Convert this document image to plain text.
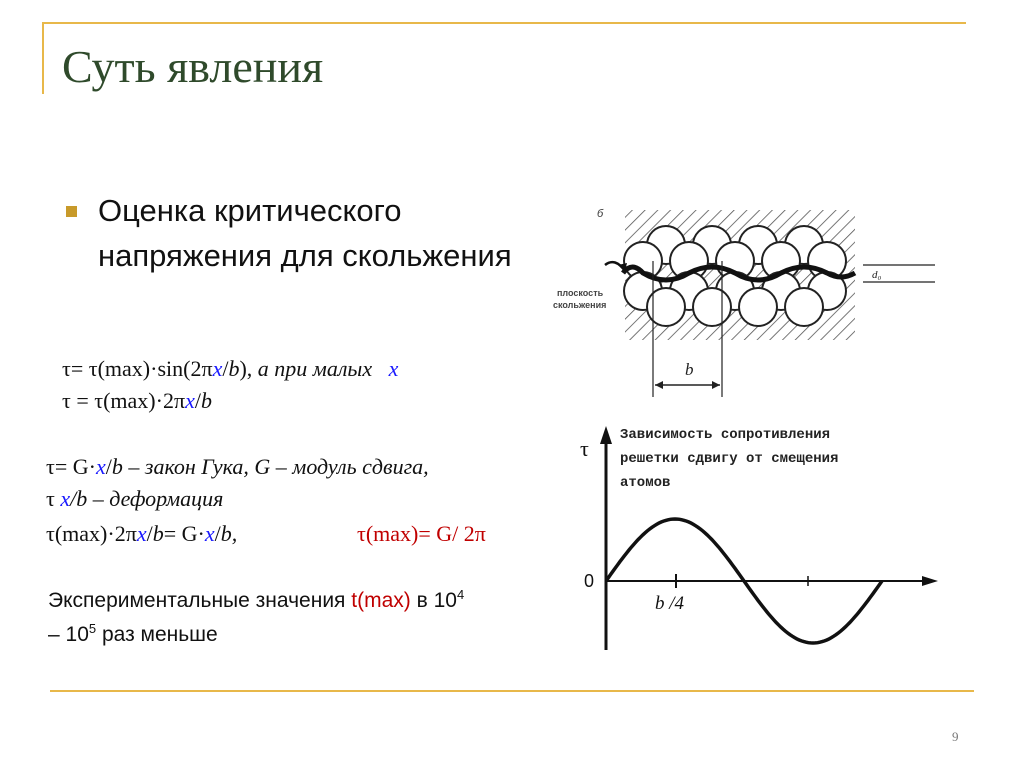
Суть явления
Оценка критического напряжения для скольжения
τ= τ(max)·sin(2πx/b), а при малых x
τ = τ(max)·2πx/b
τ= G·x/b – закон Гука, G – модуль сдвига,
τ x/b – деформация
τ(max)·2πx/b= G·x/b,	τ(max)= G/ 2π
Экспериментальные значения t(max) в $10^4$
– $10^5$ раз меньше
б
плоскость
скольжения
d₀
b
τ
Зависимость сопротивления
решетки сдвигу от смещения
атомов
0
b /4
9
